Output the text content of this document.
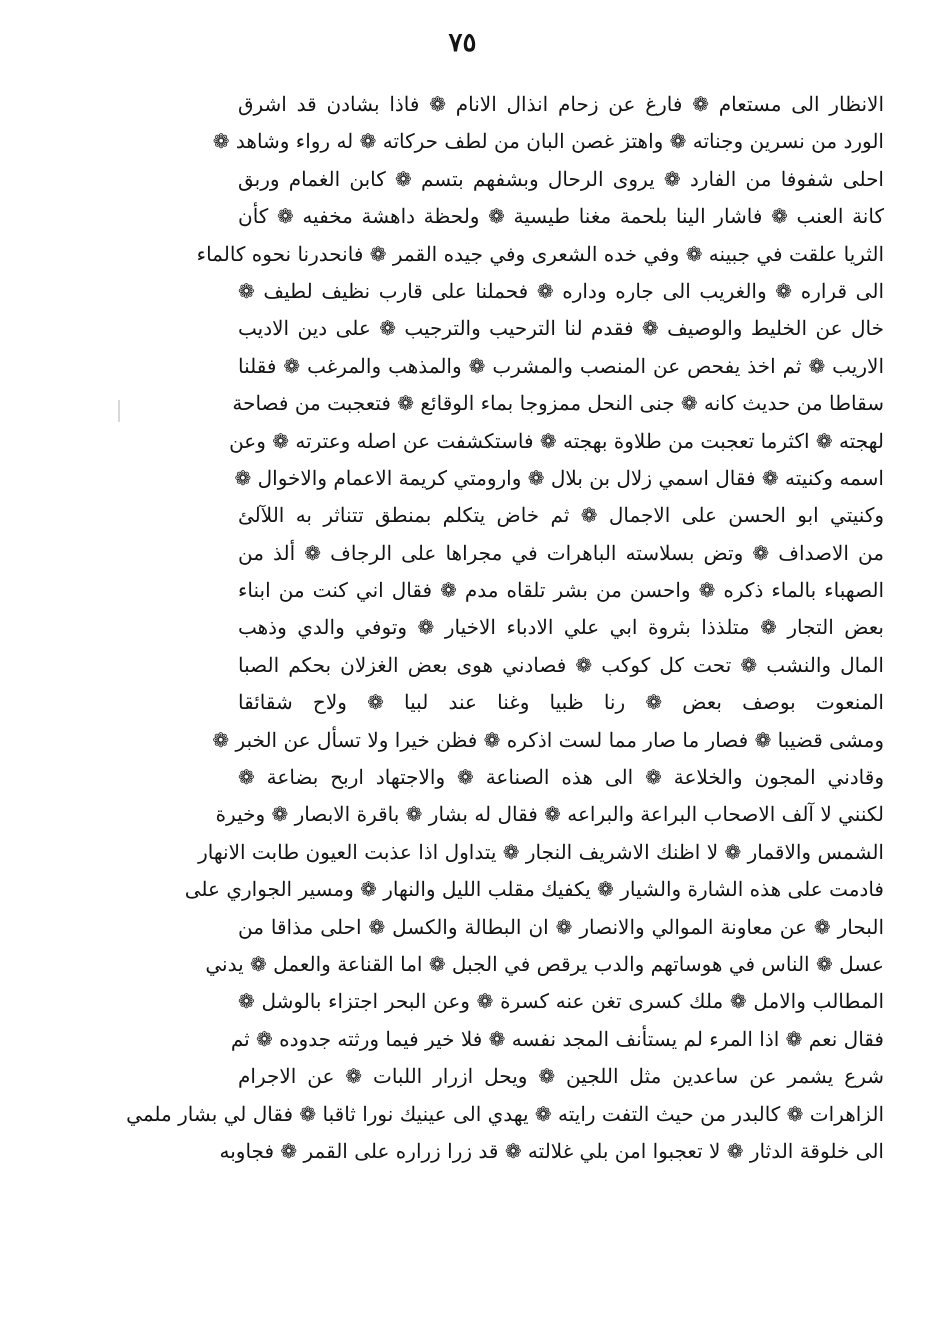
٧٥
الانظار الى مستعام ❁ فارغ عن زحام انذال الانام ❁ فاذا بشادن قد اشرق
الورد من نسرين وجناته ❁ واهتز غصن البان من لطف حركاته ❁ له رواء وشاهد ❁
احلى شفوفا من الفارد ❁ يروى الرحال وبشفهم بتسم ❁ كابن الغمام وربق
كانة العنب ❁ فاشار الينا بلحمة مغنا طيسية ❁ ولحظة داهشة مخفيه ❁ كأن
الثريا علقت في جبينه ❁ وفي خده الشعرى وفي جيده القمر ❁ فانحدرنا نحوه كالماء
الى قراره ❁ والغريب الى جاره وداره ❁ فحملنا على قارب نظيف لطيف ❁
خال عن الخليط والوصيف ❁ فقدم لنا الترحيب والترجيب ❁ على دين الاديب
الاريب ❁ ثم اخذ يفحص عن المنصب والمشرب ❁ والمذهب والمرغب ❁ فقلنا
سقاطا من حديث كانه ❁ جنى النحل ممزوجا بماء الوقائع ❁ فتعجبت من فصاحة
لهجته ❁ اكثرما تعجبت من طلاوة بهجته ❁ فاستكشفت عن اصله وعترته ❁ وعن
اسمه وكنيته ❁ فقال اسمي زلال بن بلال ❁ وارومتي كريمة الاعمام والاخوال ❁
وكنيتي ابو الحسن على الاجمال ❁ ثم خاض يتكلم بمنطق تتناثر به اللآلئ
من الاصداف ❁ وتض بسلاسته الباهرات في مجراها على الرجاف ❁ ألذ من
الصهباء بالماء ذكره ❁ واحسن من بشر تلقاه مدم ❁ فقال اني كنت من ابناء
بعض التجار ❁ متلذذا بثروة ابي علي الادباء الاخيار ❁ وتوفي والدي وذهب
المال والنشب ❁ تحت كل كوكب ❁ فصادني هوى بعض الغزلان بحكم الصبا
المنعوت بوصف بعض ❁ رنا ظبيا وغنا عند لبيا ❁ ولاح شقائقا
ومشى قضيبا ❁ فصار ما صار مما لست اذكره ❁ فظن خيرا ولا تسأل عن الخبر ❁
وقادني المجون والخلاعة ❁ الى هذه الصناعة ❁ والاجتهاد اربح بضاعة ❁
لكنني لا آلف الاصحاب البراعة والبراعه ❁ فقال له بشار ❁ باقرة الابصار ❁ وخيرة
الشمس والاقمار ❁ لا اظنك الاشريف النجار ❁ يتداول اذا عذبت العيون طابت الانهار
فادمت على هذه الشارة والشيار ❁ يكفيك مقلب الليل والنهار ❁ ومسير الجواري على
البحار ❁ عن معاونة الموالي والانصار ❁ ان البطالة والكسل ❁ احلى مذاقا من
عسل ❁ الناس في هوساتهم والدب يرقص في الجبل ❁ اما القناعة والعمل ❁ يدني
المطالب والامل ❁ ملك كسرى تغن عنه كسرة ❁ وعن البحر اجتزاء بالوشل ❁
فقال نعم ❁ اذا المرء لم يستأنف المجد نفسه ❁ فلا خير فيما ورثته جدوده ❁ ثم
شرع يشمر عن ساعدين مثل اللجين ❁ ويحل ازرار اللبات ❁ عن الاجرام
الزاهرات ❁ كالبدر من حيث التفت رايته ❁ يهدي الى عينيك نورا ثاقبا ❁ فقال لي بشار ملمي
الى خلوقة الدثار ❁ لا تعجبوا امن بلي غلالته ❁ قد زرا زراره على القمر ❁ فجاوبه
